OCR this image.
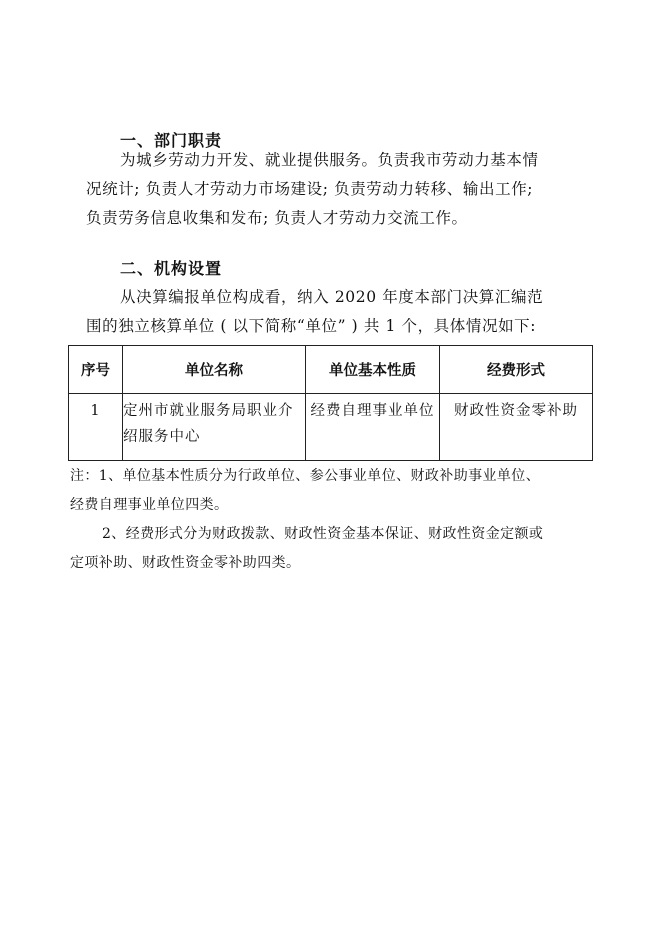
一、部门职责
为城乡劳动力开发、就业提供服务。负责我市劳动力基本情
况统计; 负责人才劳动力市场建设; 负责劳动力转移、输出工作;
负责劳务信息收集和发布; 负责人才劳动力交流工作。
二、机构设置
从决算编报单位构成看，纳入 2020 年度本部门决算汇编范
围的独立核算单位 ( 以下简称“单位” ) 共 1 个，具体情况如下:
序号	单位名称	单位基本性质	经费形式
1	定州市就业服务局职业介绍服务中心	经费自理事业单位	财政性资金零补助
注：1、单位基本性质分为行政单位、参公事业单位、财政补助事业单位、
经费自理事业单位四类。
2、经费形式分为财政拨款、财政性资金基本保证、财政性资金定额或
定项补助、财政性资金零补助四类。
